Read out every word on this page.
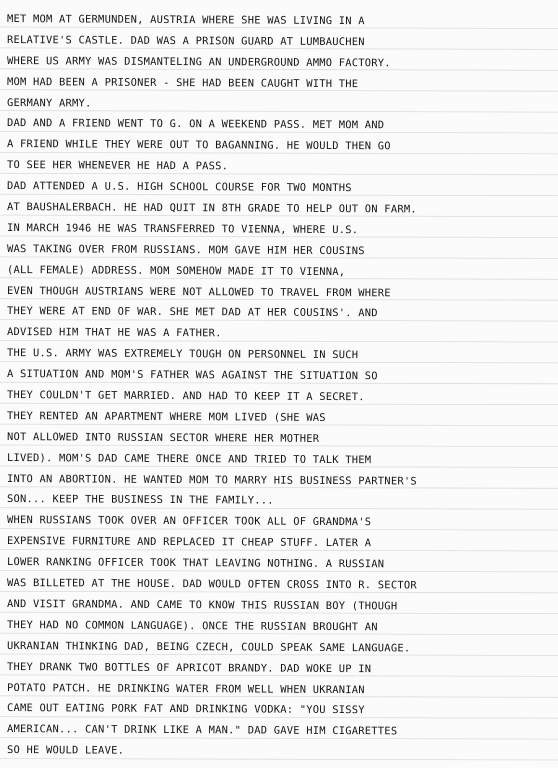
MET MOM AT GERMUNDEN, AUSTRIA WHERE SHE WAS LIVING IN A
RELATIVE'S CASTLE. DAD WAS A PRISON GUARD AT LUMBAUCHEN
WHERE US ARMY WAS DISMANTELING AN UNDERGROUND AMMO FACTORY.
MOM HAD BEEN A PRISONER - SHE HAD BEEN CAUGHT WITH THE
GERMANY ARMY.
DAD AND A FRIEND WENT TO G. ON A WEEKEND PASS. MET MOM AND
A FRIEND WHILE THEY WERE OUT TO BAGANNING. HE WOULD THEN GO
TO SEE HER WHENEVER HE HAD A PASS.
DAD ATTENDED A U.S. HIGH SCHOOL COURSE FOR TWO MONTHS
AT BAUSHALERBACH. HE HAD QUIT IN 8TH GRADE TO HELP OUT ON FARM.
IN MARCH 1946 HE WAS TRANSFERRED TO VIENNA, WHERE U.S.
WAS TAKING OVER FROM RUSSIANS. MOM GAVE HIM HER COUSINS
(ALL FEMALE) ADDRESS. MOM SOMEHOW MADE IT TO VIENNA,
EVEN THOUGH AUSTRIANS WERE NOT ALLOWED TO TRAVEL FROM WHERE
THEY WERE AT END OF WAR. SHE MET DAD AT HER COUSINS'. AND
ADVISED HIM THAT HE WAS A FATHER.
THE U.S. ARMY WAS EXTREMELY TOUGH ON PERSONNEL IN SUCH
A SITUATION AND MOM'S FATHER WAS AGAINST THE SITUATION SO
THEY COULDN'T GET MARRIED. AND HAD TO KEEP IT A SECRET.
THEY RENTED AN APARTMENT WHERE MOM LIVED (SHE WAS
NOT ALLOWED INTO RUSSIAN SECTOR WHERE HER MOTHER
LIVED). MOM'S DAD CAME THERE ONCE AND TRIED TO TALK THEM
INTO AN ABORTION. HE WANTED MOM TO MARRY HIS BUSINESS PARTNER'S
SON... KEEP THE BUSINESS IN THE FAMILY...
WHEN RUSSIANS TOOK OVER AN OFFICER TOOK ALL OF GRANDMA'S
EXPENSIVE FURNITURE AND REPLACED IT CHEAP STUFF. LATER A
LOWER RANKING OFFICER TOOK THAT LEAVING NOTHING. A RUSSIAN
WAS BILLETED AT THE HOUSE. DAD WOULD OFTEN CROSS INTO R. SECTOR
AND VISIT GRANDMA. AND CAME TO KNOW THIS RUSSIAN BOY (THOUGH
THEY HAD NO COMMON LANGUAGE). ONCE THE RUSSIAN BROUGHT AN
UKRANIAN THINKING DAD, BEING CZECH, COULD SPEAK SAME LANGUAGE.
THEY DRANK TWO BOTTLES OF APRICOT BRANDY. DAD WOKE UP IN
POTATO PATCH. HE DRINKING WATER FROM WELL WHEN UKRANIAN
CAME OUT EATING PORK FAT AND DRINKING VODKA: "YOU SISSY
AMERICAN... CAN'T DRINK LIKE A MAN." DAD GAVE HIM CIGARETTES
SO HE WOULD LEAVE.
